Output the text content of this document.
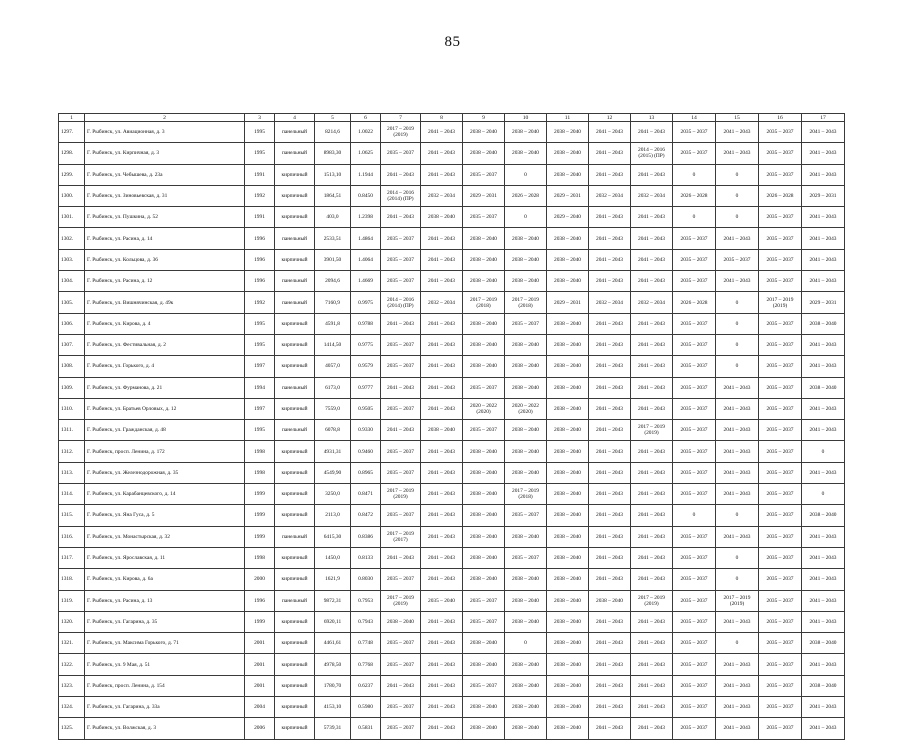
85
1	2	3	4	5	6	7	8	9	10	11	12	13	14	15	16	17
1297.	Г. Рыбинск, ул. Авиационная, д. 3	1995	панельный	8214,6	1.0022	2017 – 2019 (2019)	2041 – 2043	2038 – 2040	2038 – 2040	2038 – 2040	2041 – 2043	2041 – 2043	2035 – 2037	2041 – 2043	2035 – 2037	2041 – 2043
1298.	Г. Рыбинск, ул. Кирпичная, д. 3	1995	панельный	8983,30	1.0625	2035 – 2037	2041 – 2043	2038 – 2040	2038 – 2040	2038 – 2040	2041 – 2043	2014 – 2016 (2015) (ПР)	2035 – 2037	2041 – 2043	2035 – 2037	2041 – 2043
1299.	Г. Рыбинск, ул. Чебышева, д. 23а	1991	кирпичный	1513,10	1.1944	2041 – 2043	2041 – 2043	2035 – 2037	0	2038 – 2040	2041 – 2043	2041 – 2043	0	0	2035 – 2037	2041 – 2043
1300.	Г. Рыбинск, ул. Зиновьевская, д. 31	1992	кирпичный	1864,51	0.8450	2014 – 2016 (2014) (ПР)	2032 – 2034	2029 – 2031	2026 – 2028	2029 – 2031	2032 – 2034	2032 – 2034	2026 – 2028	0	2026 – 2028	2029 – 2031
1301.	Г. Рыбинск, ул. Пушкина, д. 52	1991	кирпичный	403,0	1.2398	2041 – 2043	2038 – 2040	2035 – 2037	0	2029 – 2040	2041 – 2043	2041 – 2043	0	0	2035 – 2037	2041 – 2043
1302.	Г. Рыбинск, ул. Расина, д. 14	1996	панельный	2533,51	1.4864	2035 – 2037	2041 – 2043	2038 – 2040	2038 – 2040	2038 – 2040	2041 – 2043	2041 – 2043	2035 – 2037	2041 – 2043	2035 – 2037	2041 – 2043
1303.	Г. Рыбинск, ул. Кольцова, д. 36	1996	кирпичный	3901,50	1.4064	2035 – 2037	2041 – 2043	2038 – 2040	2038 – 2040	2038 – 2040	2041 – 2043	2041 – 2043	2035 – 2037	2035 – 2037	2035 – 2037	2041 – 2043
1304.	Г. Рыбинск, ул. Расина, д. 12	1996	панельный	2094,6	1.4669	2035 – 2037	2041 – 2043	2038 – 2040	2038 – 2040	2038 – 2040	2041 – 2043	2041 – 2043	2035 – 2037	2041 – 2043	2035 – 2037	2041 – 2043
1305.	Г. Рыбинск, ул. Вишнячинская, д. 49к	1992	панельный	7160,9	0.9975	2014 – 2016 (2014) (ПР)	2032 – 2034	2017 – 2019 (2018)	2017 – 2019 (2018)	2029 – 2031	2032 – 2034	2032 – 2034	2026 – 2028	0	2017 – 2019 (2019)	2029 – 2031
1306.	Г. Рыбинск, ул. Кирова, д. 4	1995	кирпичный	4591,8	0.9788	2041 – 2043	2041 – 2043	2038 – 2040	2035 – 2037	2038 – 2040	2041 – 2043	2041 – 2043	2035 – 2037	0	2035 – 2037	2038 – 2040
1307.	Г. Рыбинск, ул. Фестивальная, д. 2	1995	кирпичный	1414,50	0.9775	2035 – 2037	2041 – 2043	2038 – 2040	2038 – 2040	2038 – 2040	2041 – 2043	2041 – 2043	2035 – 2037	0	2035 – 2037	2041 – 2043
1308.	Г. Рыбинск, ул. Горького, д. 4	1997	кирпичный	4057,0	0.9579	2035 – 2037	2041 – 2043	2038 – 2040	2038 – 2040	2038 – 2040	2041 – 2043	2041 – 2043	2035 – 2037	0	2035 – 2037	2041 – 2043
1309.	Г. Рыбинск, ул. Фурманова, д. 21	1994	панельный	6173,0	0.9777	2041 – 2043	2041 – 2043	2035 – 2037	2038 – 2040	2038 – 2040	2041 – 2043	2041 – 2043	2035 – 2037	2041 – 2043	2035 – 2037	2038 – 2040
1310.	Г. Рыбинск, ул. Братьев Орловых, д. 12	1997	кирпичный	7559,0	0.9505	2035 – 2037	2041 – 2043	2020 – 2022 (2020)	2020 – 2022 (2020)	2038 – 2040	2041 – 2043	2041 – 2043	2035 – 2037	2041 – 2043	2035 – 2037	2041 – 2043
1311.	Г. Рыбинск, ул. Гражданская, д. 48	1995	панельный	6078,8	0.9330	2041 – 2043	2038 – 2040	2035 – 2037	2038 – 2040	2038 – 2040	2041 – 2043	2017 – 2019 (2019)	2035 – 2037	2041 – 2043	2035 – 2037	2041 – 2043
1312.	Г. Рыбинск, просп. Ленина, д. 172	1998	кирпичный	4931,31	0.9460	2035 – 2037	2041 – 2043	2038 – 2040	2038 – 2040	2038 – 2040	2041 – 2043	2041 – 2043	2035 – 2037	2041 – 2043	2035 – 2037	0
1313.	Г. Рыбинск, ул. Железнодорожная, д. 35	1998	кирпичный	4549,90	0.8965	2035 – 2037	2041 – 2043	2038 – 2040	2038 – 2040	2038 – 2040	2041 – 2043	2041 – 2043	2035 – 2037	2041 – 2043	2035 – 2037	2041 – 2043
1314.	Г. Рыбинск, ул. Карабанцевского, д. 14	1999	кирпичный	3250,0	0.8471	2017 – 2019 (2019)	2041 – 2043	2038 – 2040	2017 – 2019 (2018)	2038 – 2040	2041 – 2043	2041 – 2043	2035 – 2037	2041 – 2043	2035 – 2037	0
1315.	Г. Рыбинск, ул. Яна Гуса, д. 5	1999	кирпичный	2113,0	0.8472	2035 – 2037	2041 – 2043	2038 – 2040	2035 – 2037	2038 – 2040	2041 – 2043	2041 – 2043	0	0	2035 – 2037	2038 – 2040
1316.	Г. Рыбинск, ул. Монастырская, д. 32	1999	панельный	6415,30	0.8386	2017 – 2019 (2017)	2041 – 2043	2038 – 2040	2038 – 2040	2038 – 2040	2041 – 2043	2041 – 2043	2035 – 2037	2041 – 2043	2035 – 2037	2041 – 2043
1317.	Г. Рыбинск, ул. Ярославская, д. 11	1998	кирпичный	1450,0	0.8133	2041 – 2043	2041 – 2043	2038 – 2040	2035 – 2037	2038 – 2040	2041 – 2043	2041 – 2043	2035 – 2037	0	2035 – 2037	2041 – 2043
1318.	Г. Рыбинск, ул. Кирова, д. 6а	2000	кирпичный	1621,9	0.8030	2035 – 2037	2041 – 2043	2038 – 2040	2038 – 2040	2038 – 2040	2041 – 2043	2041 – 2043	2035 – 2037	0	2035 – 2037	2041 – 2043
1319.	Г. Рыбинск, ул. Расина, д. 13	1996	панельный	9872,31	0.7953	2017 – 2019 (2019)	2035 – 2040	2035 – 2037	2038 – 2040	2038 – 2040	2038 – 2040	2017 – 2019 (2019)	2035 – 2037	2017 – 2019 (2019)	2035 – 2037	2041 – 2043
1320.	Г. Рыбинск, ул. Гагарина, д. 35	1999	кирпичный	6920,11	0.7943	2038 – 2040	2041 – 2043	2035 – 2037	2038 – 2040	2038 – 2040	2041 – 2043	2041 – 2043	2035 – 2037	2041 – 2043	2035 – 2037	2041 – 2043
1321.	Г. Рыбинск, ул. Максима Горького, д. 71	2001	кирпичный	4461,61	0.7748	2035 – 2037	2041 – 2043	2038 – 2040	0	2038 – 2040	2041 – 2043	2041 – 2043	2035 – 2037	0	2035 – 2037	2038 – 2040
1322.	Г. Рыбинск, ул. 9 Мая, д. 51	2001	кирпичный	4978,50	0.7768	2035 – 2037	2041 – 2043	2038 – 2040	2038 – 2040	2038 – 2040	2041 – 2043	2041 – 2043	2035 – 2037	2041 – 2043	2035 – 2037	2041 – 2043
1323.	Г. Рыбинск, просп. Ленина, д. 154	2001	кирпичный	1780,70	0.6237	2041 – 2043	2041 – 2043	2035 – 2037	2038 – 2040	2038 – 2040	2041 – 2043	2041 – 2043	2035 – 2037	2041 – 2043	2035 – 2037	2038 – 2040
1324.	Г. Рыбинск, ул. Гагарина, д. 33а	2004	кирпичный	4153,10	0.5980	2035 – 2037	2041 – 2043	2038 – 2040	2038 – 2040	2038 – 2040	2041 – 2043	2041 – 2043	2035 – 2037	2041 – 2043	2035 – 2037	2041 – 2043
1325.	Г. Рыбинск, ул. Волжская, д. 3	2006	кирпичный	5739,31	0.5831	2035 – 2037	2041 – 2043	2038 – 2040	2038 – 2040	2038 – 2040	2041 – 2043	2041 – 2043	2035 – 2037	2041 – 2043	2035 – 2037	2041 – 2043
